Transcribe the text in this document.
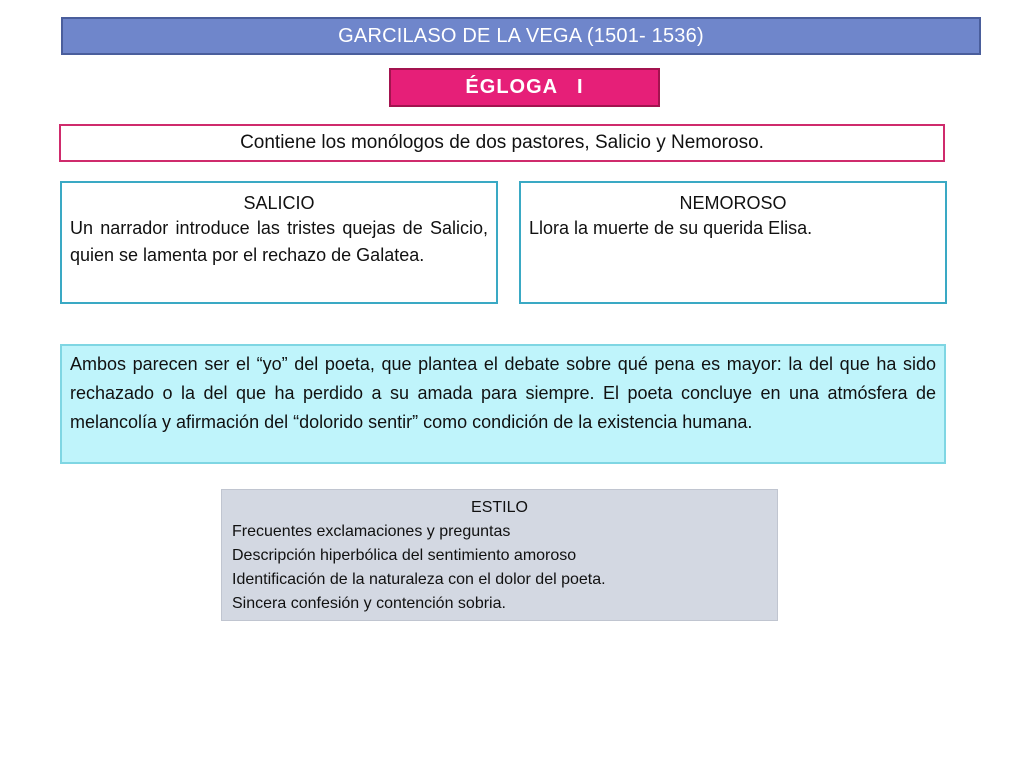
GARCILASO DE LA VEGA (1501- 1536)
ÉGLOGA   I
Contiene los monólogos de dos pastores, Salicio y Nemoroso.
SALICIO
Un narrador introduce las tristes quejas de Salicio, quien se lamenta por el rechazo de Galatea.
NEMOROSO
Llora la muerte de su querida Elisa.
Ambos parecen ser el “yo” del poeta, que plantea el debate sobre qué pena es mayor: la del que ha sido rechazado o la del que ha perdido a su amada para siempre. El poeta concluye en una atmósfera de melancolía y afirmación del “dolorido sentir” como condición de la existencia humana.
ESTILO
Frecuentes exclamaciones y preguntas
Descripción hiperbólica del sentimiento amoroso
Identificación de la naturaleza con el dolor del poeta.
Sincera confesión y contención sobria.
